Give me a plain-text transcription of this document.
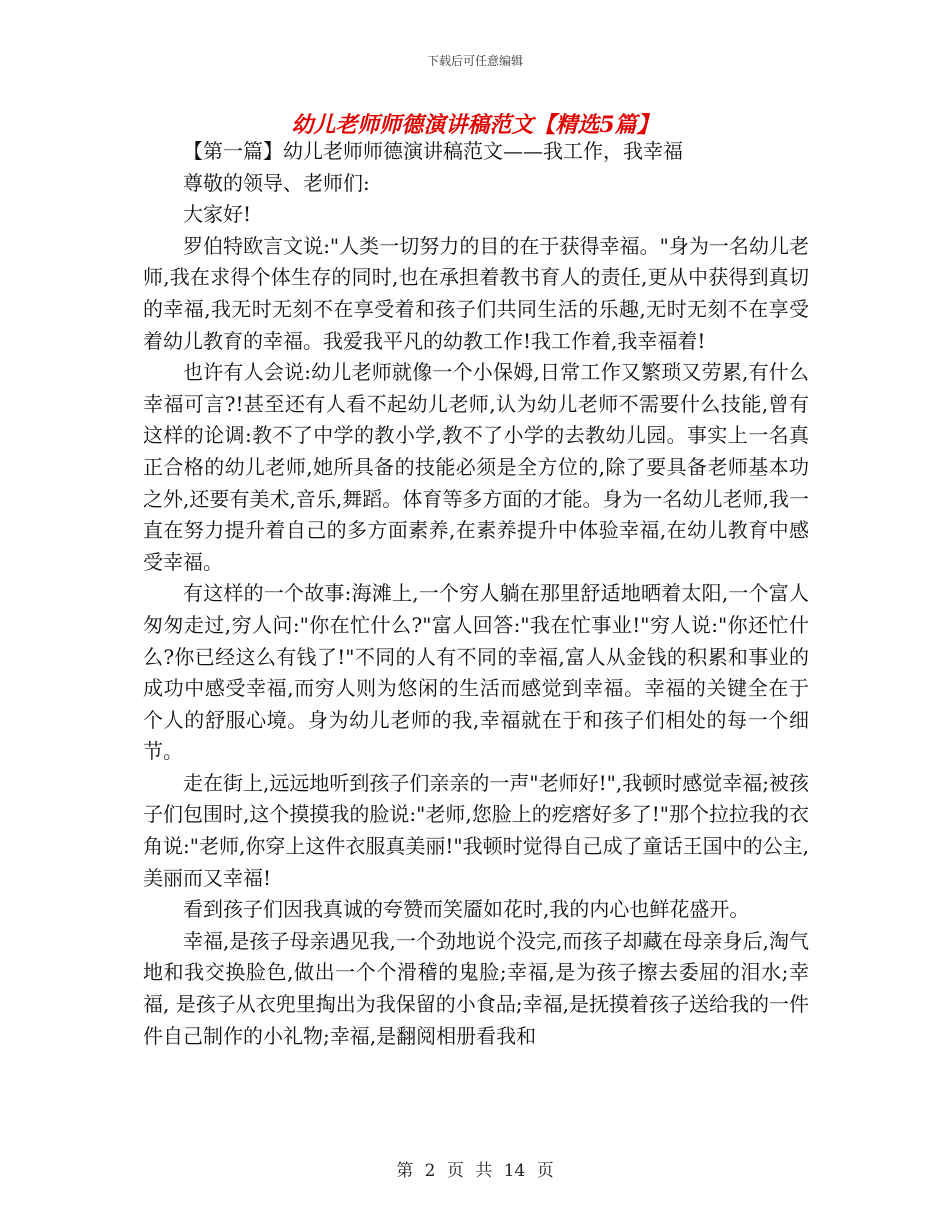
下载后可任意编辑
幼儿老师师德演讲稿范文【精选5篇】

【第一篇】幼儿老师师德演讲稿范文——我工作，我幸福

尊敬的领导、老师们:

大家好!

罗伯特欧言文说:"人类一切努力的目的在于获得幸福。"身为一名幼儿老师,我在求得个体生存的同时,也在承担着教书育人的责任,更从中获得到真切的幸福,我无时无刻不在享受着和孩子们共同生活的乐趣,无时无刻不在享受着幼儿教育的幸福。我爱我平凡的幼教工作!我工作着,我幸福着!

也许有人会说:幼儿老师就像一个小保姆,日常工作又繁琐又劳累,有什么幸福可言?!甚至还有人看不起幼儿老师,认为幼儿老师不需要什么技能,曾有这样的论调:教不了中学的教小学,教不了小学的去教幼儿园。事实上一名真正合格的幼儿老师,她所具备的技能必须是全方位的,除了要具备老师基本功之外,还要有美术,音乐,舞蹈。体育等多方面的才能。身为一名幼儿老师,我一直在努力提升着自己的多方面素养,在素养提升中体验幸福,在幼儿教育中感受幸福。

有这样的一个故事:海滩上,一个穷人躺在那里舒适地晒着太阳,一个富人匆匆走过,穷人问:"你在忙什么?"富人回答:"我在忙事业!"穷人说:"你还忙什么?你已经这么有钱了!"不同的人有不同的幸福,富人从金钱的积累和事业的成功中感受幸福,而穷人则为悠闲的生活而感觉到幸福。幸福的关键全在于个人的舒服心境。身为幼儿老师的我,幸福就在于和孩子们相处的每一个细节。

走在街上,远远地听到孩子们亲亲的一声"老师好!",我顿时感觉幸福;被孩子们包围时,这个摸摸我的脸说:"老师,您脸上的疙瘩好多了!"那个拉拉我的衣角说:"老师,你穿上这件衣服真美丽!"我顿时觉得自己成了童话王国中的公主,美丽而又幸福!

看到孩子们因我真诚的夸赞而笑靥如花时,我的内心也鲜花盛开。

幸福,是孩子母亲遇见我,一个劲地说个没完,而孩子却藏在母亲身后,淘气地和我交换脸色,做出一个个滑稽的鬼脸;幸福,是为孩子擦去委屈的泪水;幸福, 是孩子从衣兜里掏出为我保留的小食品;幸福,是抚摸着孩子送给我的一件件自己制作的小礼物;幸福,是翻阅相册看我和

第 2 页 共 14 页
